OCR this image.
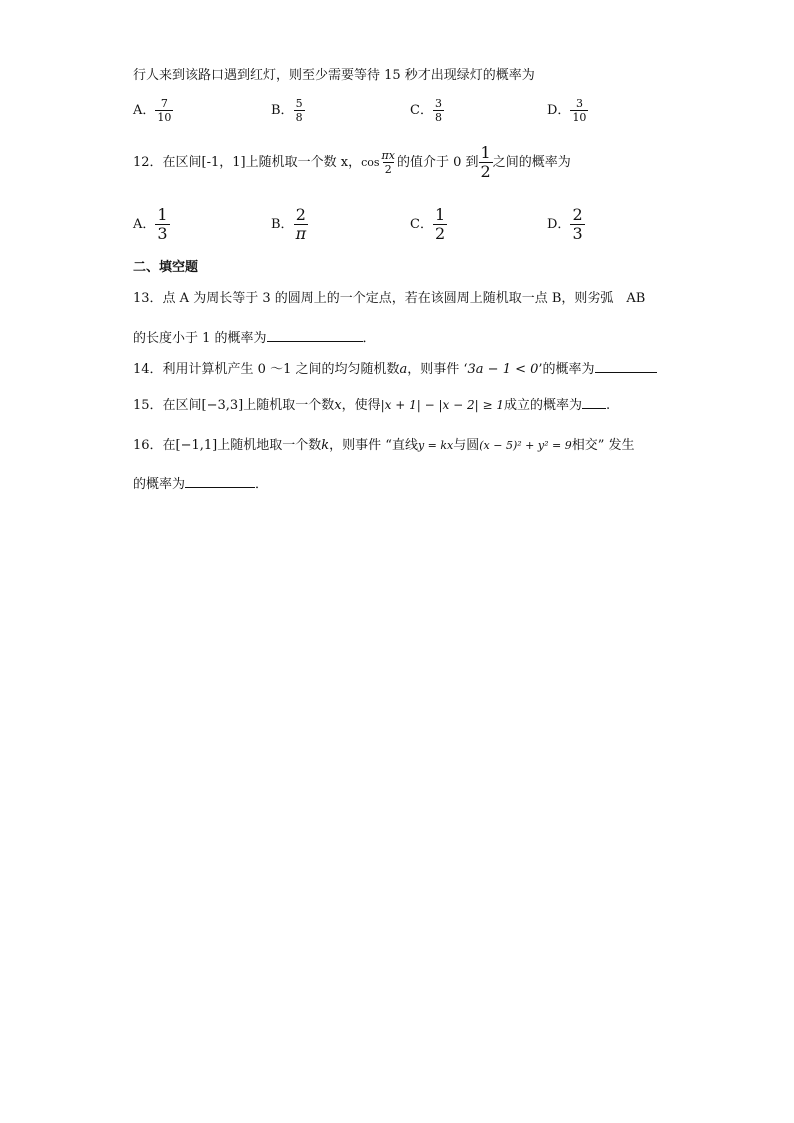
行人来到该路口遇到红灯，则至少需要等待 15 秒才出现绿灯的概率为
A． $\frac{7}{10}$	B． $\frac{5}{8}$	C． $\frac{3}{8}$	D． $\frac{3}{10}$
12．在区间[-1，1]上随机取一个数 x，$\cos \frac{\pi x}{2}$ 的值介于 0 到 $\frac{1}{2}$ 之间的概率为
A． $\frac{1}{3}$	B． $\frac{2}{\pi}$	C． $\frac{1}{2}$	D． $\frac{2}{3}$
二、填空题
13．点 A 为周长等于 3 的圆周上的一个定点，若在该圆周上随机取一点 B，则劣弧　AB
的长度小于 1 的概率为	．
14．利用计算机产生 0 ～1 之间的均匀随机数a，则事件 ‘3a − 1 < 0’的概率为
15．在区间[−3,3]上随机取一个数x，使得|x + 1| − |x − 2| ≥ 1成立的概率为 .
16．在[−1,1]上随机地取一个数k，则事件 “直线y = kx与圆(x − 5)² + y² = 9相交” 发生
的概率为	．
